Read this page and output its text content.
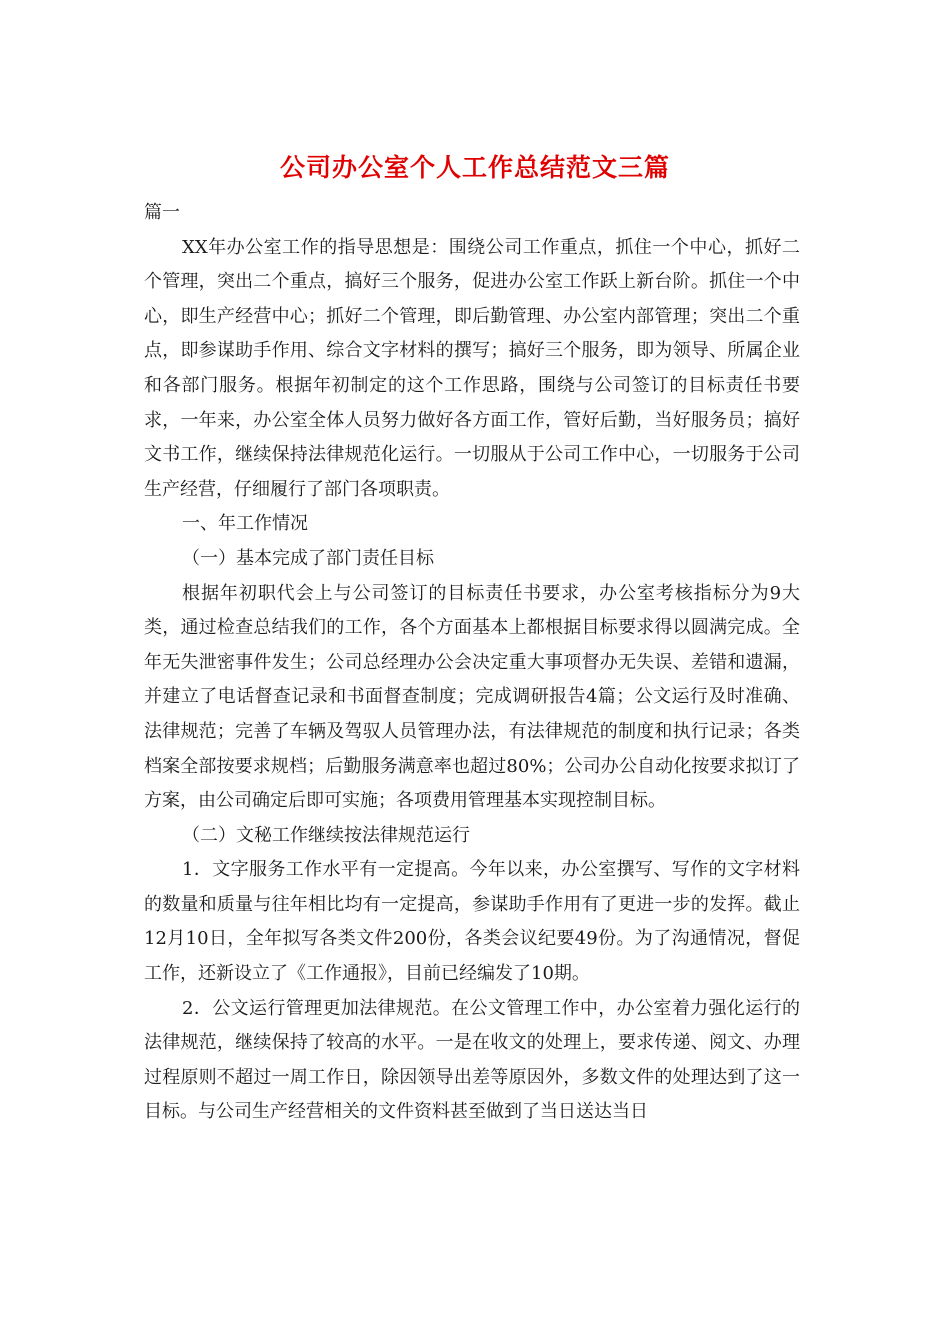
公司办公室个人工作总结范文三篇

篇一

XX年办公室工作的指导思想是：围绕公司工作重点，抓住一个中心，抓好二个管理，突出二个重点，搞好三个服务，促进办公室工作跃上新台阶。抓住一个中心，即生产经营中心；抓好二个管理，即后勤管理、办公室内部管理；突出二个重点，即参谋助手作用、综合文字材料的撰写；搞好三个服务，即为领导、所属企业和各部门服务。根据年初制定的这个工作思路，围绕与公司签订的目标责任书要求，一年来，办公室全体人员努力做好各方面工作，管好后勤，当好服务员；搞好文书工作，继续保持法律规范化运行。一切服从于公司工作中心，一切服务于公司生产经营，仔细履行了部门各项职责。

一、年工作情况

（一）基本完成了部门责任目标

根据年初职代会上与公司签订的目标责任书要求，办公室考核指标分为9大类，通过检查总结我们的工作，各个方面基本上都根据目标要求得以圆满完成。全年无失泄密事件发生；公司总经理办公会决定重大事项督办无失误、差错和遗漏，并建立了电话督查记录和书面督查制度；完成调研报告4篇；公文运行及时准确、法律规范；完善了车辆及驾驭人员管理办法，有法律规范的制度和执行记录；各类档案全部按要求规档；后勤服务满意率也超过80%；公司办公自动化按要求拟订了方案，由公司确定后即可实施；各项费用管理基本实现控制目标。

（二）文秘工作继续按法律规范运行

1．文字服务工作水平有一定提高。今年以来，办公室撰写、写作的文字材料的数量和质量与往年相比均有一定提高，参谋助手作用有了更进一步的发挥。截止12月10日，全年拟写各类文件200份，各类会议纪要49份。为了沟通情况，督促工作，还新设立了《工作通报》，目前已经编发了10期。

2．公文运行管理更加法律规范。在公文管理工作中，办公室着力强化运行的法律规范，继续保持了较高的水平。一是在收文的处理上，要求传递、阅文、办理过程原则不超过一周工作日，除因领导出差等原因外，多数文件的处理达到了这一目标。与公司生产经营相关的文件资料甚至做到了当日送达当日
